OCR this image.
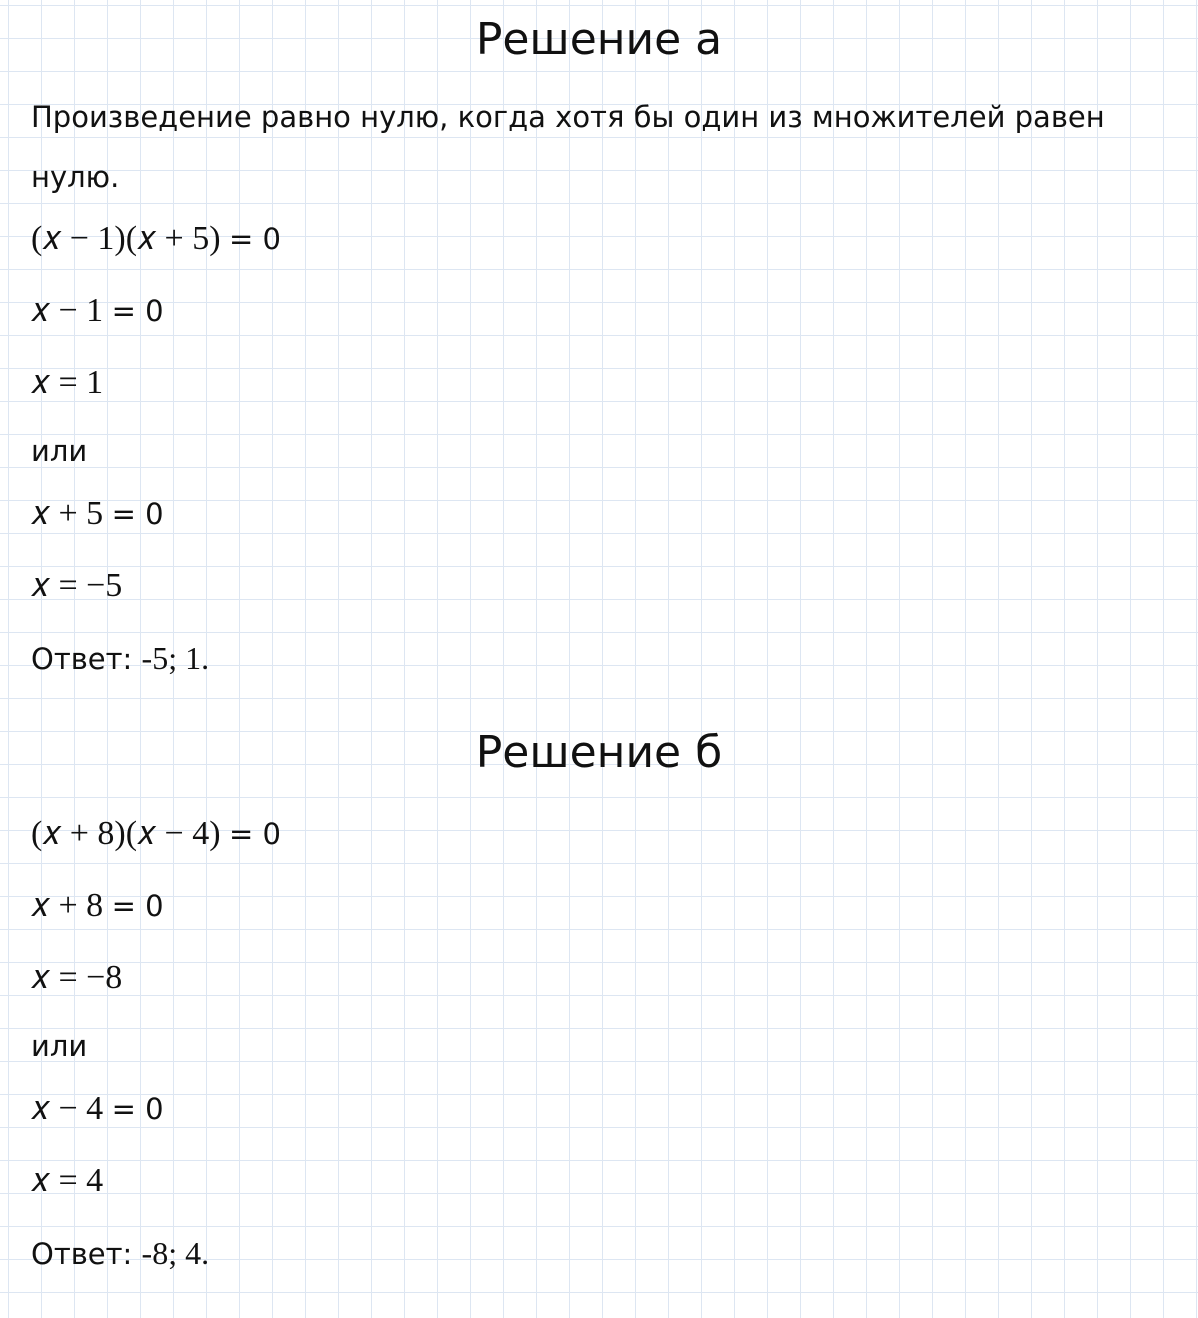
Решение а

Произведение равно нулю, когда хотя бы один из множителей равен

нулю.

(𝑥 − 1)(𝑥 + 5) = 0
𝑥 − 1 = 0
𝑥 = 1

или

𝑥 + 5 = 0
𝑥 = −5

Ответ: -5; 1.

Решение б
(𝑥 + 8)(𝑥 − 4) = 0
𝑥 + 8 = 0
𝑥 = −8

или

𝑥 − 4 = 0
𝑥 = 4

Ответ: -8; 4.
